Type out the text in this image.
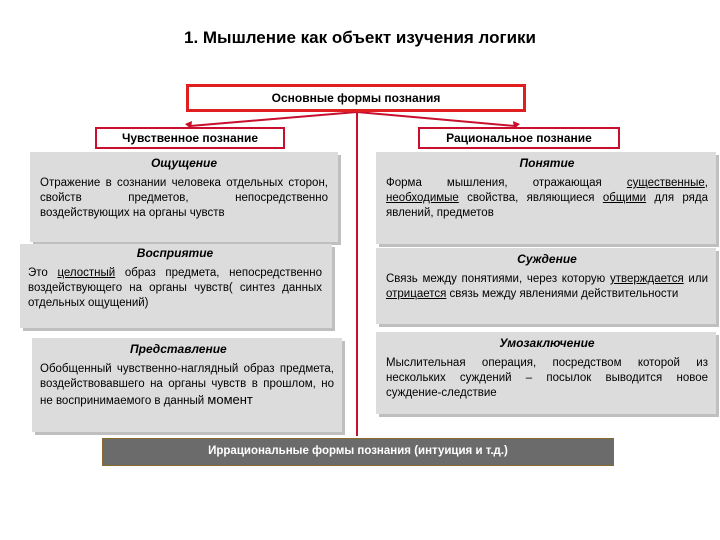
1. Мышление как объект изучения логики
Основные формы познания
Чувственное познание	Рациональное познание
Ощущение
Отражение в сознании человека отдельных сторон, свойств предметов, непосредственно воздействующих на органы чувств
Восприятие
Это целостный образ предмета, непосредственно воздействующего на органы чувств( синтез данных отдельных ощущений)
Представление
Обобщенный чувственно-наглядный образ предмета, воздействовавшего на органы чувств в прошлом, но не воспринимаемого в данный момент
Понятие
Форма мышления, отражающая существенные, необходимые свойства, являющиеся общими для ряда явлений, предметов
Суждение
Связь между понятиями, через которую утверждается или отрицается связь между явлениями действительности
Умозаключение
Мыслительная операция, посредством которой из нескольких суждений – посылок выводится новое суждение-следствие
Иррациональные формы познания (интуиция и т.д.)
